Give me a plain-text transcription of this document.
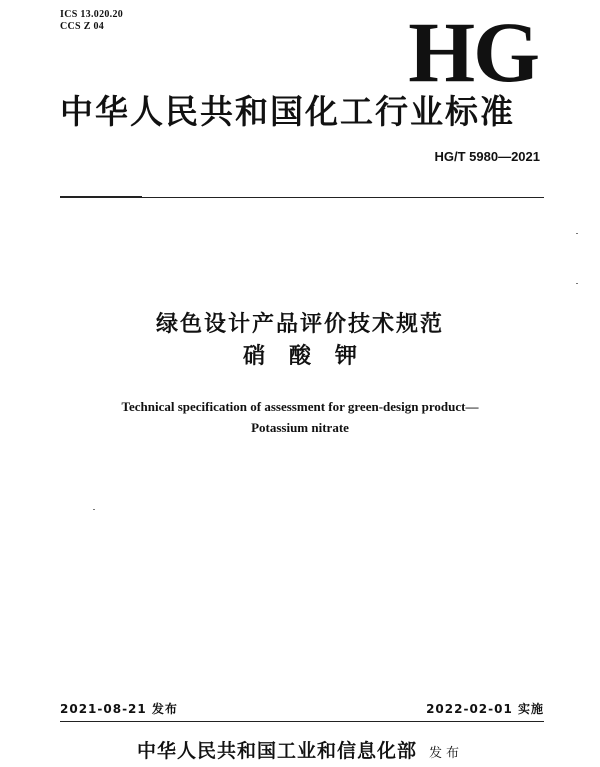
ICS 13.020.20
CCS Z 04	HG
中华人民共和国化工行业标准
HG/T 5980—2021
绿色设计产品评价技术规范
硝酸钾
Technical specification of assessment for green-design product—
Potassium nitrate
2021-08-21 发布	2022-02-01 实施
中华人民共和国工业和信息化部 发布
